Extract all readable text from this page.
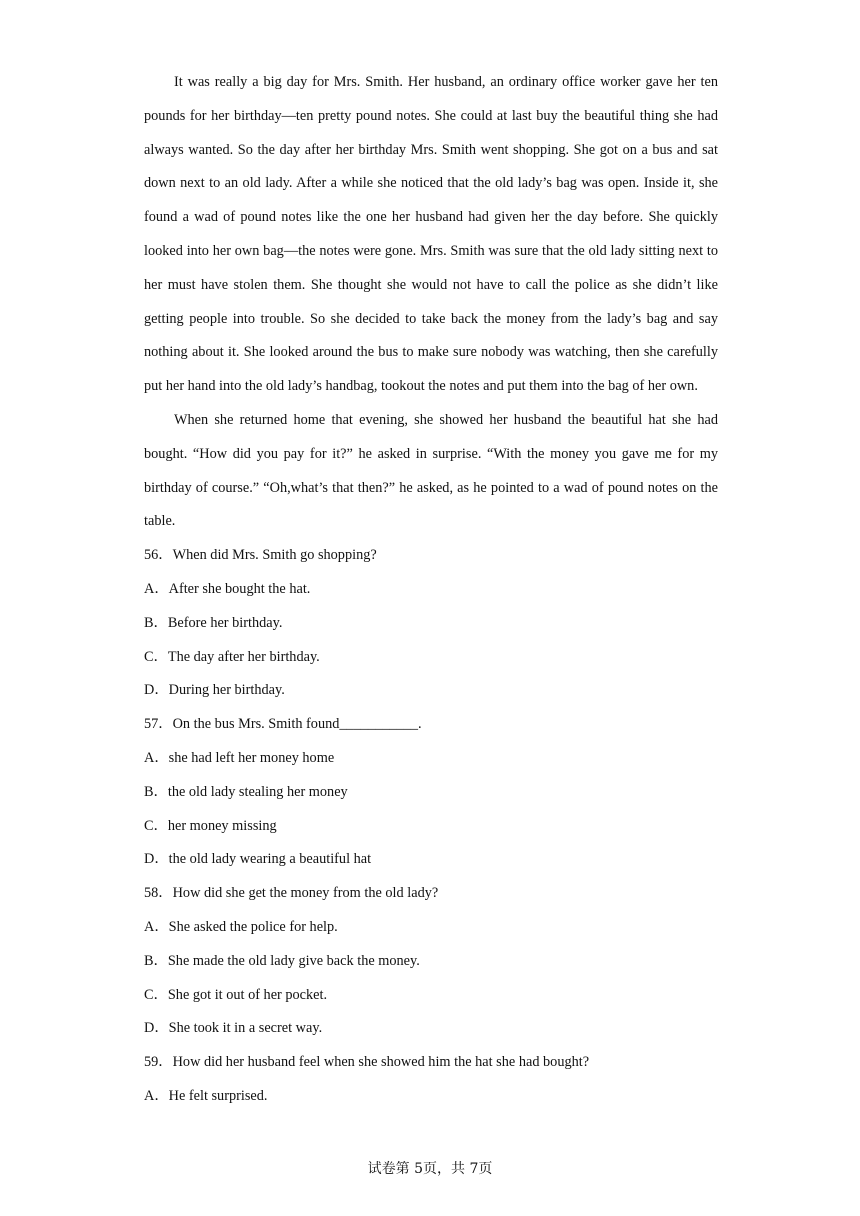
It was really a big day for Mrs. Smith. Her husband, an ordinary office worker gave her ten pounds for her birthday—ten pretty pound notes. She could at last buy the beautiful thing she had always wanted. So the day after her birthday Mrs. Smith went shopping. She got on a bus and sat down next to an old lady. After a while she noticed that the old lady’s bag was open. Inside it, she found a wad of pound notes like the one her husband had given her the day before. She quickly looked into her own bag—the notes were gone. Mrs. Smith was sure that the old lady sitting next to her must have stolen them. She thought she would not have to call the police as she didn’t like getting people into trouble. So she decided to take back the money from the lady’s bag and say nothing about it. She looked around the bus to make sure nobody was watching, then she carefully put her hand into the old lady’s handbag, tookout the notes and put them into the bag of her own.

When she returned home that evening, she showed her husband the beautiful hat she had bought. “How did you pay for it?” he asked in surprise. “With the money you gave me for my birthday of course.” “Oh,what’s that then?” he asked, as he pointed to a wad of pound notes on the table.

56．When did Mrs. Smith go shopping?

A．After she bought the hat.

B．Before her birthday.

C．The day after her birthday.

D．During her birthday.

57．On the bus Mrs. Smith found___________.

A．she had left her money home

B．the old lady stealing her money

C．her money missing

D．the old lady wearing a beautiful hat

58．How did she get the money from the old lady?

A．She asked the police for help.

B．She made the old lady give back the money.

C．She got it out of her pocket.

D．She took it in a secret way.

59．How did her husband feel when she showed him the hat she had bought?

A．He felt surprised.

试卷第 5页，共 7页
